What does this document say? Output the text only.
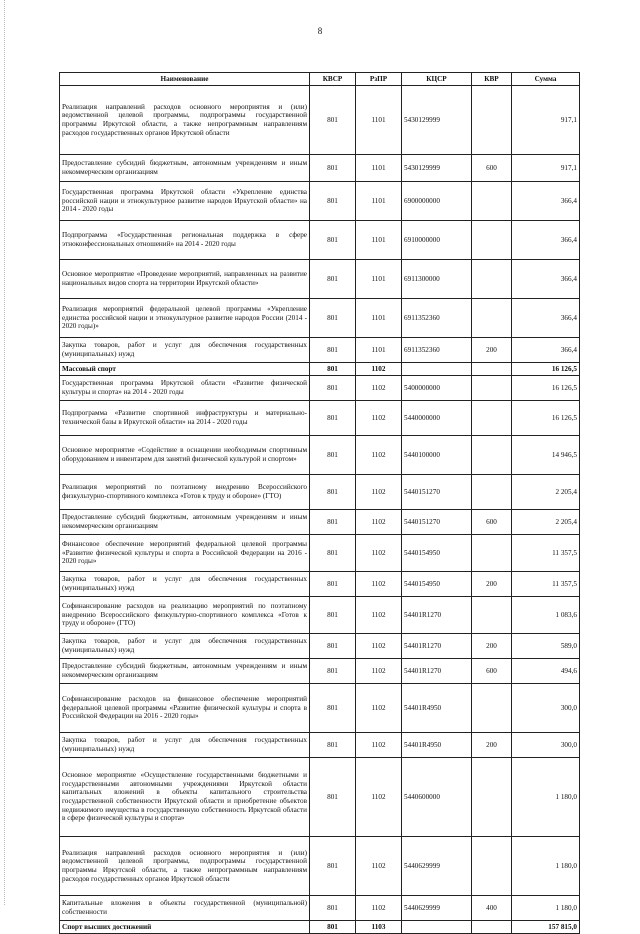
8
Наименование	КВСР	РзПР	КЦСР	КВР	Сумма
Реализация направлений расходов основного мероприятия и (или) ведомственной целевой программы, подпрограммы государственной программы Иркутской области, а также непрограммным направлениям расходов государственных органов Иркутской области	801	1101	5430129999		917,1
Предоставление субсидий бюджетным, автономным учреждениям и иным некоммерческим организациям	801	1101	5430129999	600	917,1
Государственная программа Иркутской области «Укрепление единства российской нации и этнокультурное развитие народов Иркутской области» на 2014 - 2020 годы	801	1101	6900000000		366,4
Подпрограмма «Государственная региональная поддержка в сфере этноконфессиональных отношений» на 2014 - 2020 годы	801	1101	6910000000		366,4
Основное мероприятие «Проведение мероприятий, направленных на развитие национальных видов спорта на территории Иркутской области»	801	1101	6911300000		366,4
Реализация мероприятий федеральной целевой программы «Укрепление единства российской нации и этнокультурное развитие народов России (2014 - 2020 годы)»	801	1101	6911352360		366,4
Закупка товаров, работ и услуг для обеспечения государственных (муниципальных) нужд	801	1101	6911352360	200	366,4
Массовый спорт	801	1102			16 126,5
Государственная программа Иркутской области «Развитие физической культуры и спорта» на 2014 - 2020 годы	801	1102	5400000000		16 126,5
Подпрограмма «Развитие спортивной инфраструктуры и материально- технической базы в Иркутской области» на 2014 - 2020 годы	801	1102	5440000000		16 126,5
Основное мероприятие «Содействие в оснащении необходимым спортивным оборудованием и инвентарем для занятий физической культурой и спортом»	801	1102	5440100000		14 946,5
Реализация мероприятий по поэтапному внедрению Всероссийского физкультурно-спортивного комплекса «Готов к труду и обороне» (ГТО)	801	1102	5440151270		2 205,4
Предоставление субсидий бюджетным, автономным учреждениям и иным некоммерческим организациям	801	1102	5440151270	600	2 205,4
Финансовое обеспечение мероприятий федеральной целевой программы «Развитие физической культуры и спорта в Российской Федерации на 2016 - 2020 годы»	801	1102	5440154950		11 357,5
Закупка товаров, работ и услуг для обеспечения государственных (муниципальных) нужд	801	1102	5440154950	200	11 357,5
Софинансирование расходов на реализацию мероприятий по поэтапному внедрению Всероссийского физкультурно-спортивного комплекса «Готов к труду и обороне» (ГТО)	801	1102	54401R1270		1 083,6
Закупка товаров, работ и услуг для обеспечения государственных (муниципальных) нужд	801	1102	54401R1270	200	589,0
Предоставление субсидий бюджетным, автономным учреждениям и иным некоммерческим организациям	801	1102	54401R1270	600	494,6
Софинансирование расходов на финансовое обеспечение мероприятий федеральной целевой программы «Развитие физической культуры и спорта в Российской Федерации на 2016 - 2020 годы»	801	1102	54401R4950		300,0
Закупка товаров, работ и услуг для обеспечения государственных (муниципальных) нужд	801	1102	54401R4950	200	300,0
Основное мероприятие «Осуществление государственными бюджетными и государственными автономными учреждениями Иркутской области капитальных вложений в объекты капитального строительства государственной собственности Иркутской области и приобретение объектов недвижимого имущества в государственную собственность Иркутской области в сфере физической культуры и спорта»	801	1102	5440600000		1 180,0
Реализация направлений расходов основного мероприятия и (или) ведомственной целевой программы, подпрограммы государственной программы Иркутской области, а также непрограммным направлениям расходов государственных органов Иркутской области	801	1102	5440629999		1 180,0
Капитальные вложения в объекты государственной (муниципальной) собственности	801	1102	5440629999	400	1 180,0
Спорт высших достижений	801	1103			157 815,0
